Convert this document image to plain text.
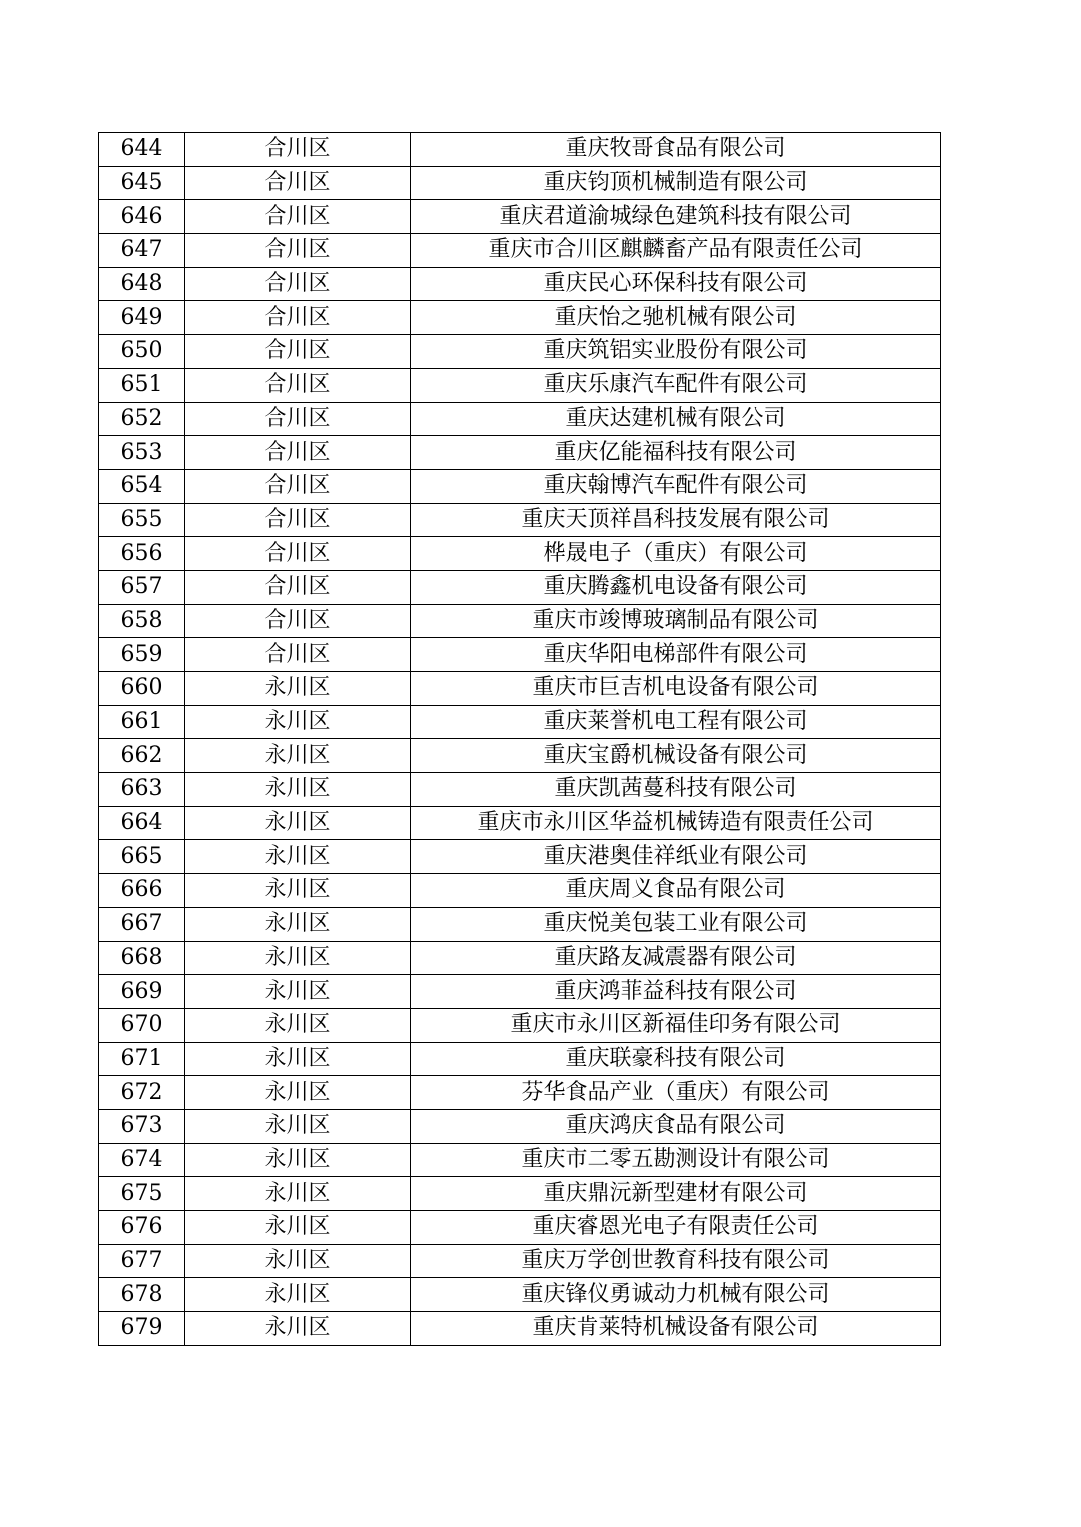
644	合川区	重庆牧哥食品有限公司
645	合川区	重庆钧顶机械制造有限公司
646	合川区	重庆君道渝城绿色建筑科技有限公司
647	合川区	重庆市合川区麒麟畜产品有限责任公司
648	合川区	重庆民心环保科技有限公司
649	合川区	重庆怡之驰机械有限公司
650	合川区	重庆筑铝实业股份有限公司
651	合川区	重庆乐康汽车配件有限公司
652	合川区	重庆达建机械有限公司
653	合川区	重庆亿能福科技有限公司
654	合川区	重庆翰博汽车配件有限公司
655	合川区	重庆天顶祥昌科技发展有限公司
656	合川区	桦晟电子（重庆）有限公司
657	合川区	重庆腾鑫机电设备有限公司
658	合川区	重庆市竣博玻璃制品有限公司
659	合川区	重庆华阳电梯部件有限公司
660	永川区	重庆市巨吉机电设备有限公司
661	永川区	重庆莱誉机电工程有限公司
662	永川区	重庆宝爵机械设备有限公司
663	永川区	重庆凯茜蔓科技有限公司
664	永川区	重庆市永川区华益机械铸造有限责任公司
665	永川区	重庆港奥佳祥纸业有限公司
666	永川区	重庆周义食品有限公司
667	永川区	重庆悦美包装工业有限公司
668	永川区	重庆路友减震器有限公司
669	永川区	重庆鸿菲益科技有限公司
670	永川区	重庆市永川区新福佳印务有限公司
671	永川区	重庆联豪科技有限公司
672	永川区	芬华食品产业（重庆）有限公司
673	永川区	重庆鸿庆食品有限公司
674	永川区	重庆市二零五勘测设计有限公司
675	永川区	重庆鼎沅新型建材有限公司
676	永川区	重庆睿恩光电子有限责任公司
677	永川区	重庆万学创世教育科技有限公司
678	永川区	重庆锋仪勇诚动力机械有限公司
679	永川区	重庆肯莱特机械设备有限公司
